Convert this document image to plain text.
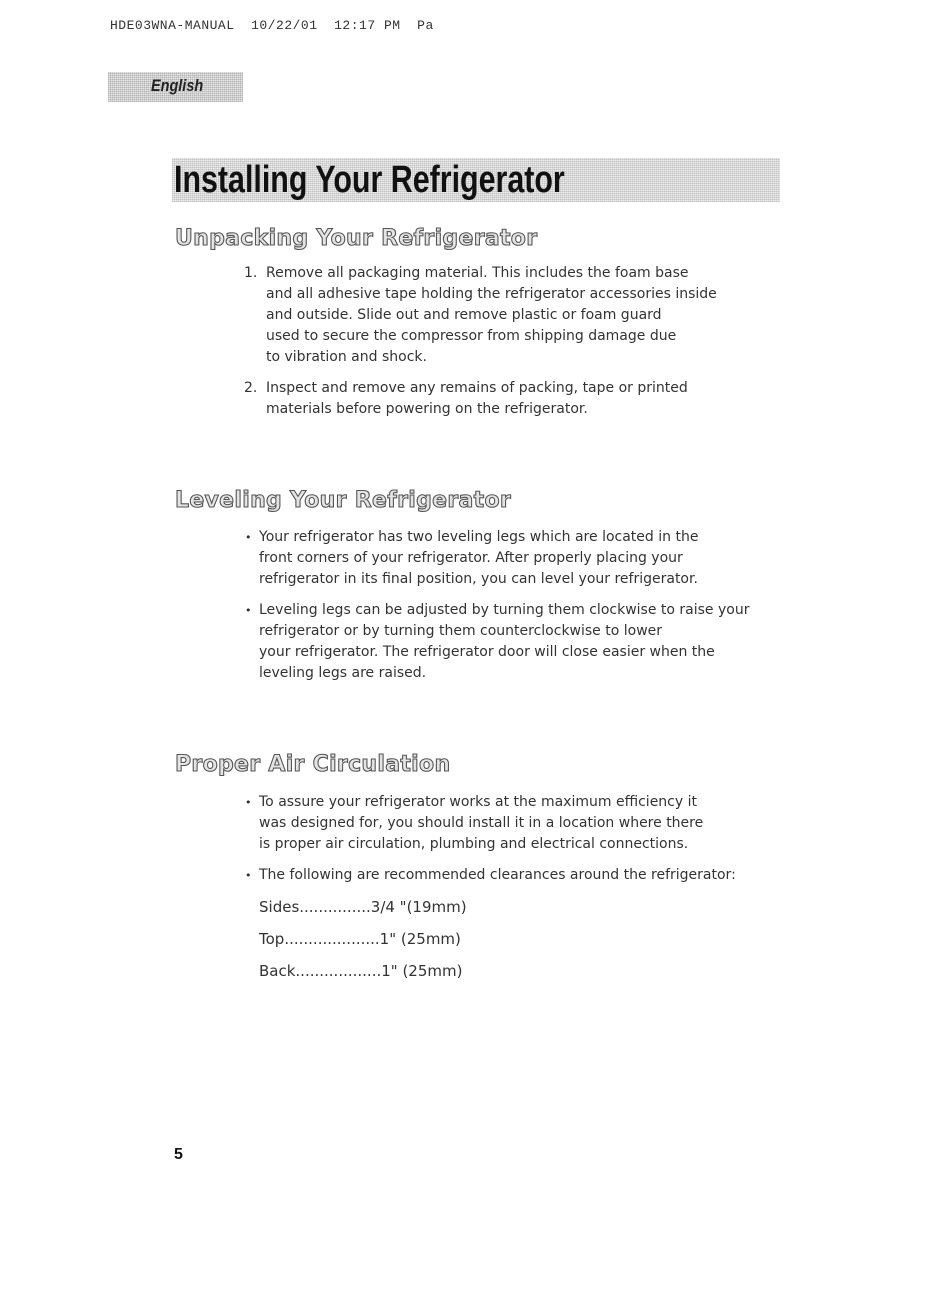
HDE03WNA-MANUAL  10/22/01  12:17 PM  Pa
English
Installing Your Refrigerator
Unpacking Your Refrigerator
1. Remove all packaging material. This includes the foam base
and all adhesive tape holding the refrigerator accessories inside
and outside. Slide out and remove plastic or foam guard
used to secure the compressor from shipping damage due
to vibration and shock.
2. Inspect and remove any remains of packing, tape or printed
materials before powering on the refrigerator.
Leveling Your Refrigerator
• Your refrigerator has two leveling legs which are located in the
front corners of your refrigerator. After properly placing your
refrigerator in its final position, you can level your refrigerator.
• Leveling legs can be adjusted by turning them clockwise to raise your
refrigerator or by turning them counterclockwise to lower
your refrigerator. The refrigerator door will close easier when the
leveling legs are raised.
Proper Air Circulation
• To assure your refrigerator works at the maximum efficiency it
was designed for, you should install it in a location where there
is proper air circulation, plumbing and electrical connections.
• The following are recommended clearances around the refrigerator:
Sides...............3/4 "(19mm)
Top....................1" (25mm)
Back..................1" (25mm)
5
